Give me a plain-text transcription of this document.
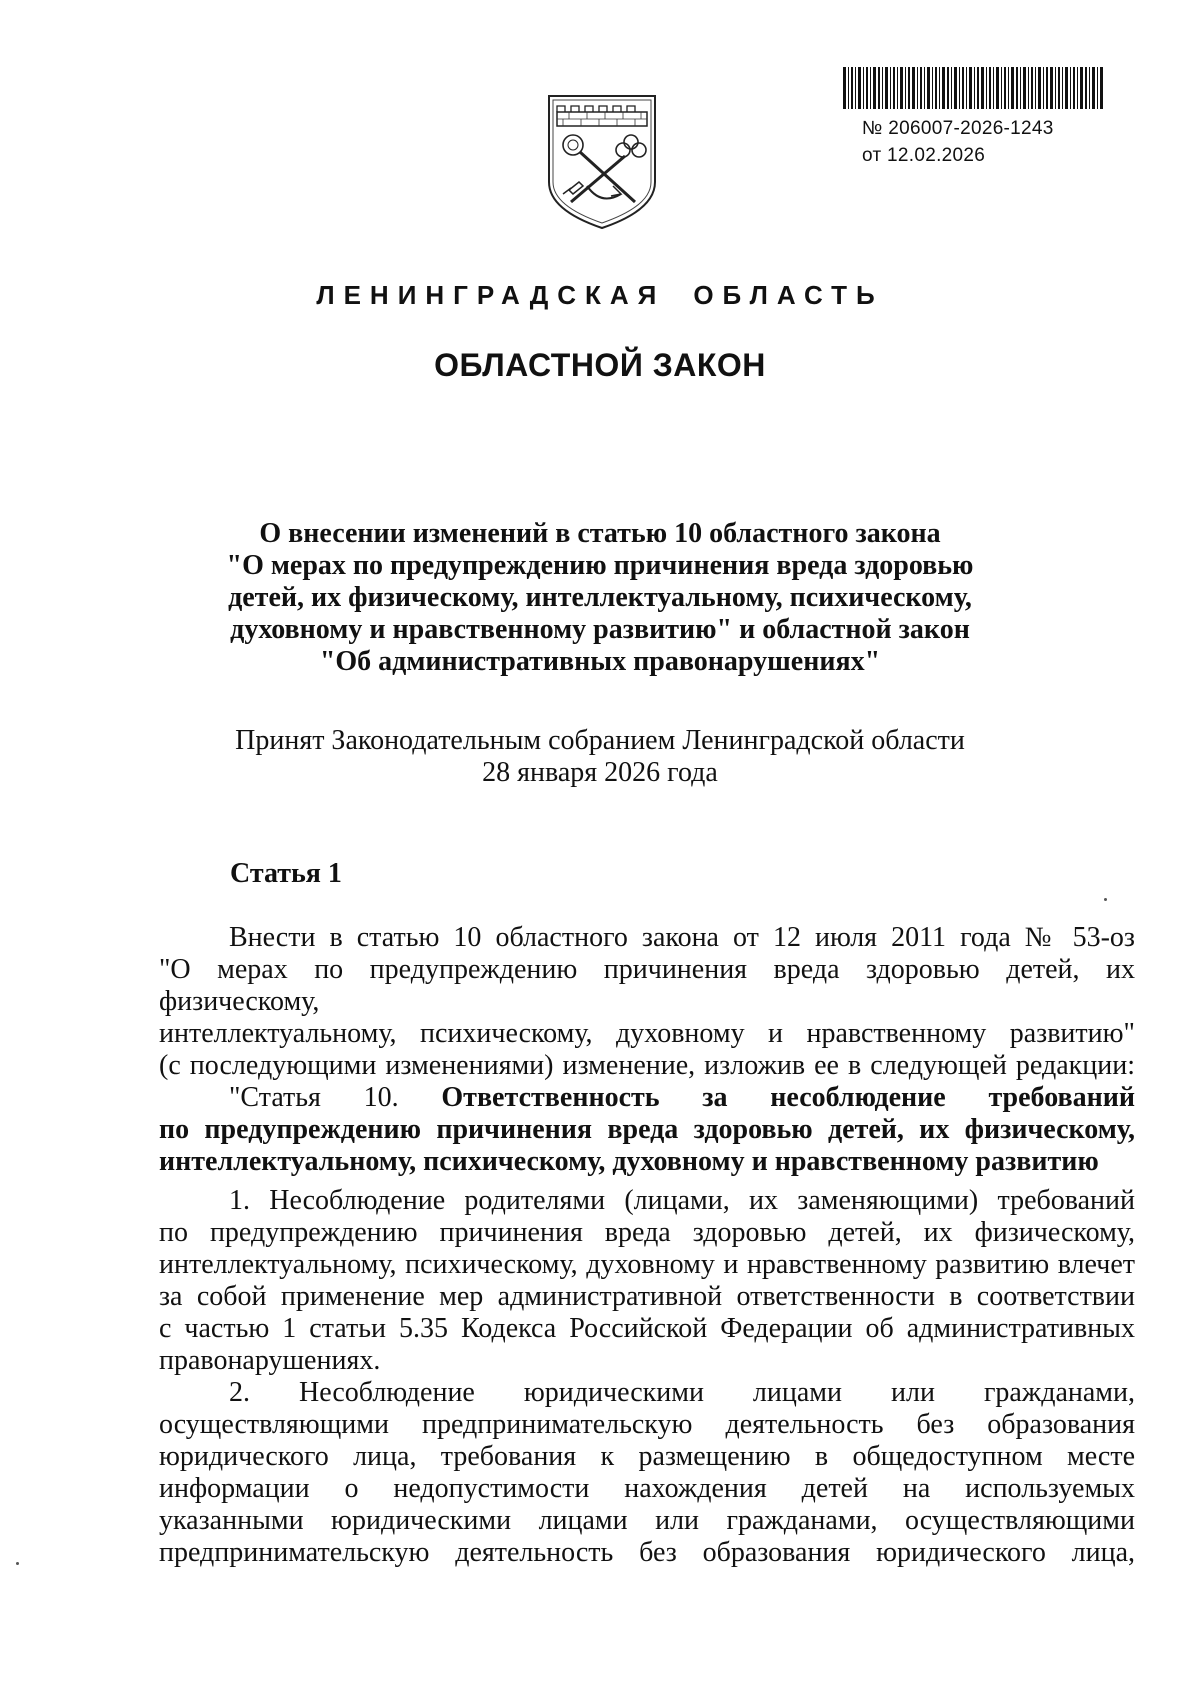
№ 206007-2026-1243
от 12.02.2026
ЛЕНИНГРАДСКАЯ ОБЛАСТЬ
ОБЛАСТНОЙ ЗАКОН
О внесении изменений в статью 10 областного закона
"О мерах по предупреждению причинения вреда здоровью
детей, их физическому, интеллектуальному, психическому,
духовному и нравственному развитию" и областной закон
"Об административных правонарушениях"
Принят Законодательным собранием Ленинградской области
28 января 2026 года
Статья 1
Внести в статью 10 областного закона от 12 июля 2011 года № 53-оз
"О мерах по предупреждению причинения вреда здоровью детей, их физическому,
интеллектуальному, психическому, духовному и нравственному развитию"
(с последующими изменениями) изменение, изложив ее в следующей редакции:
"Статья 10. Ответственность за несоблюдение требований
по предупреждению причинения вреда здоровью детей, их физическому,
интеллектуальному, психическому, духовному и нравственному развитию
1. Несоблюдение родителями (лицами, их заменяющими) требований
по предупреждению причинения вреда здоровью детей, их физическому,
интеллектуальному, психическому, духовному и нравственному развитию влечет
за собой применение мер административной ответственности в соответствии
с частью 1 статьи 5.35 Кодекса Российской Федерации об административных
правонарушениях.
2. Несоблюдение юридическими лицами или гражданами,
осуществляющими предпринимательскую деятельность без образования
юридического лица, требования к размещению в общедоступном месте
информации о недопустимости нахождения детей на используемых
указанными юридическими лицами или гражданами, осуществляющими
предпринимательскую деятельность без образования юридического лица,
